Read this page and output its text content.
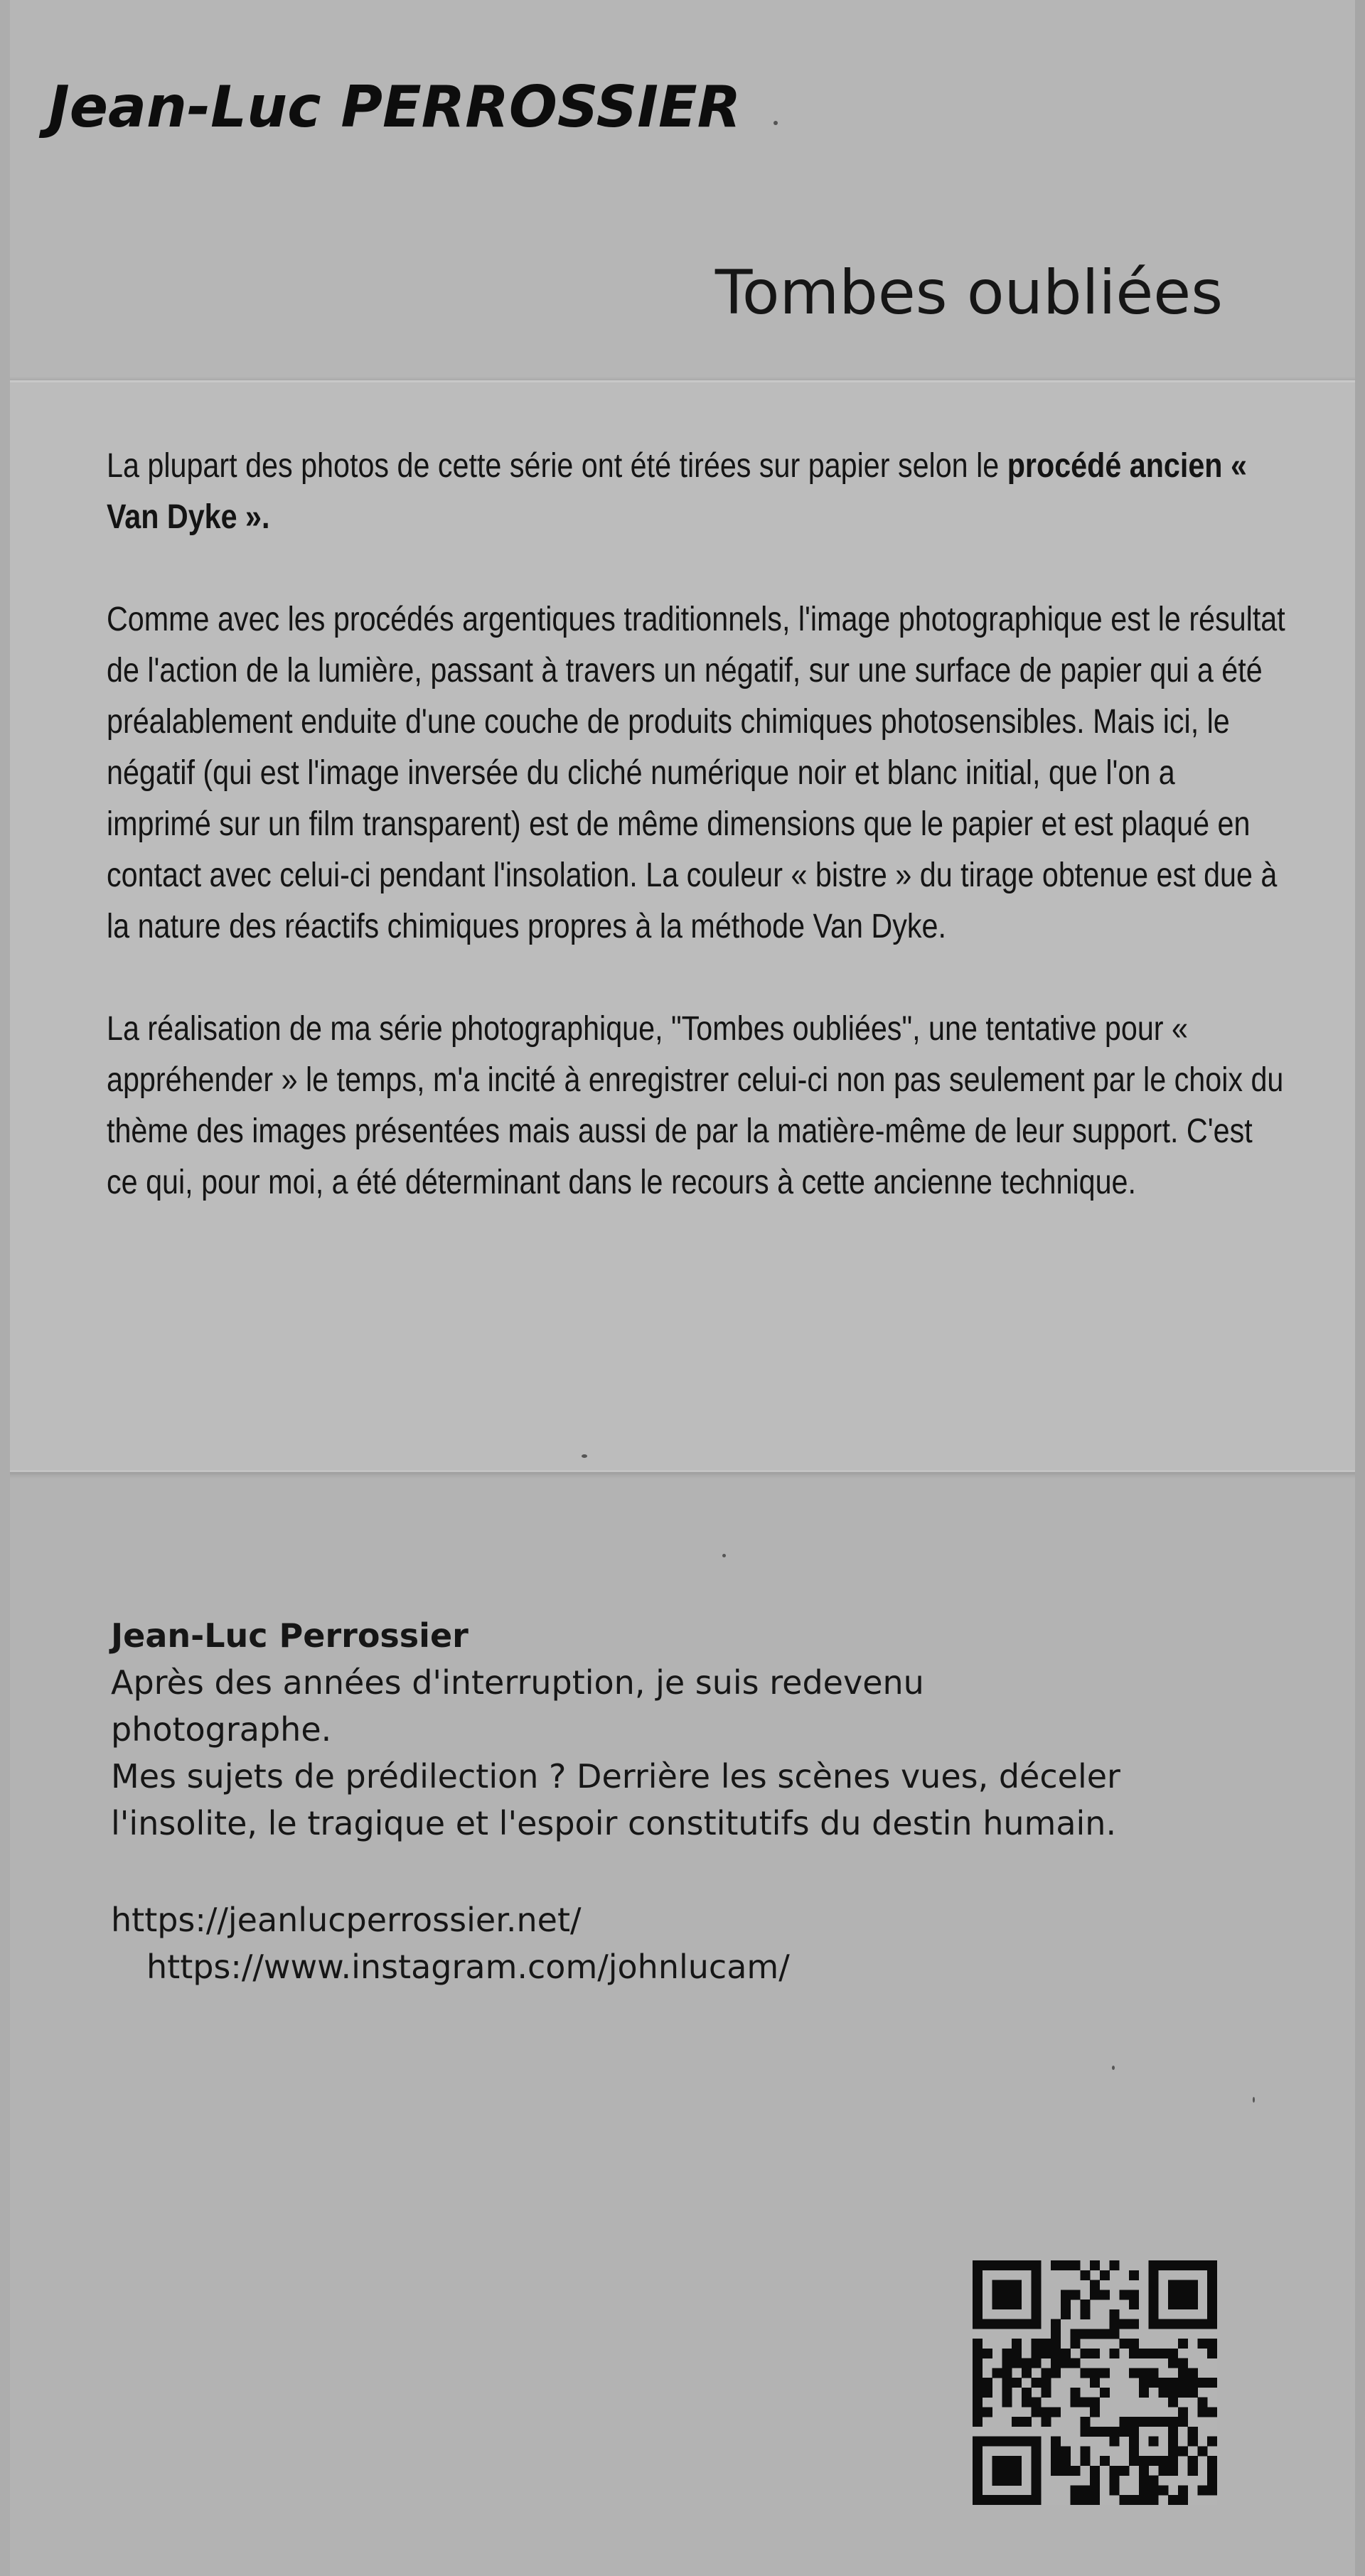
Jean-Luc PERROSSIER
Tombes oubliées

La plupart des photos de cette série ont été tirées sur papier selon le procédé ancien « Van Dyke ».

Comme avec les procédés argentiques traditionnels, l'image photographique est le résultat de l'action de la lumière, passant à travers un négatif, sur une surface de papier qui a été préalablement enduite d'une couche de produits chimiques photosensibles. Mais ici, le négatif (qui est l'image inversée du cliché numérique noir et blanc initial, que l'on a imprimé sur un film transparent) est de même dimensions que le papier et est plaqué en contact avec celui-ci pendant l'insolation. La couleur « bistre » du tirage obtenue est due à la nature des réactifs chimiques propres à la méthode Van Dyke.

La réalisation de ma série photographique, "Tombes oubliées", une tentative pour « appréhender » le temps, m'a incité à enregistrer celui-ci non pas seulement par le choix du thème des images présentées mais aussi de par la matière-même de leur support. C'est ce qui, pour moi, a été déterminant dans le recours à cette ancienne technique.

Jean-Luc Perrossier
Après des années d'interruption, je suis redevenu
photographe.
Mes sujets de prédilection ? Derrière les scènes vues, déceler
l'insolite, le tragique et l'espoir constitutifs du destin humain.
https://jeanlucperrossier.net/
https://www.instagram.com/johnlucam/
